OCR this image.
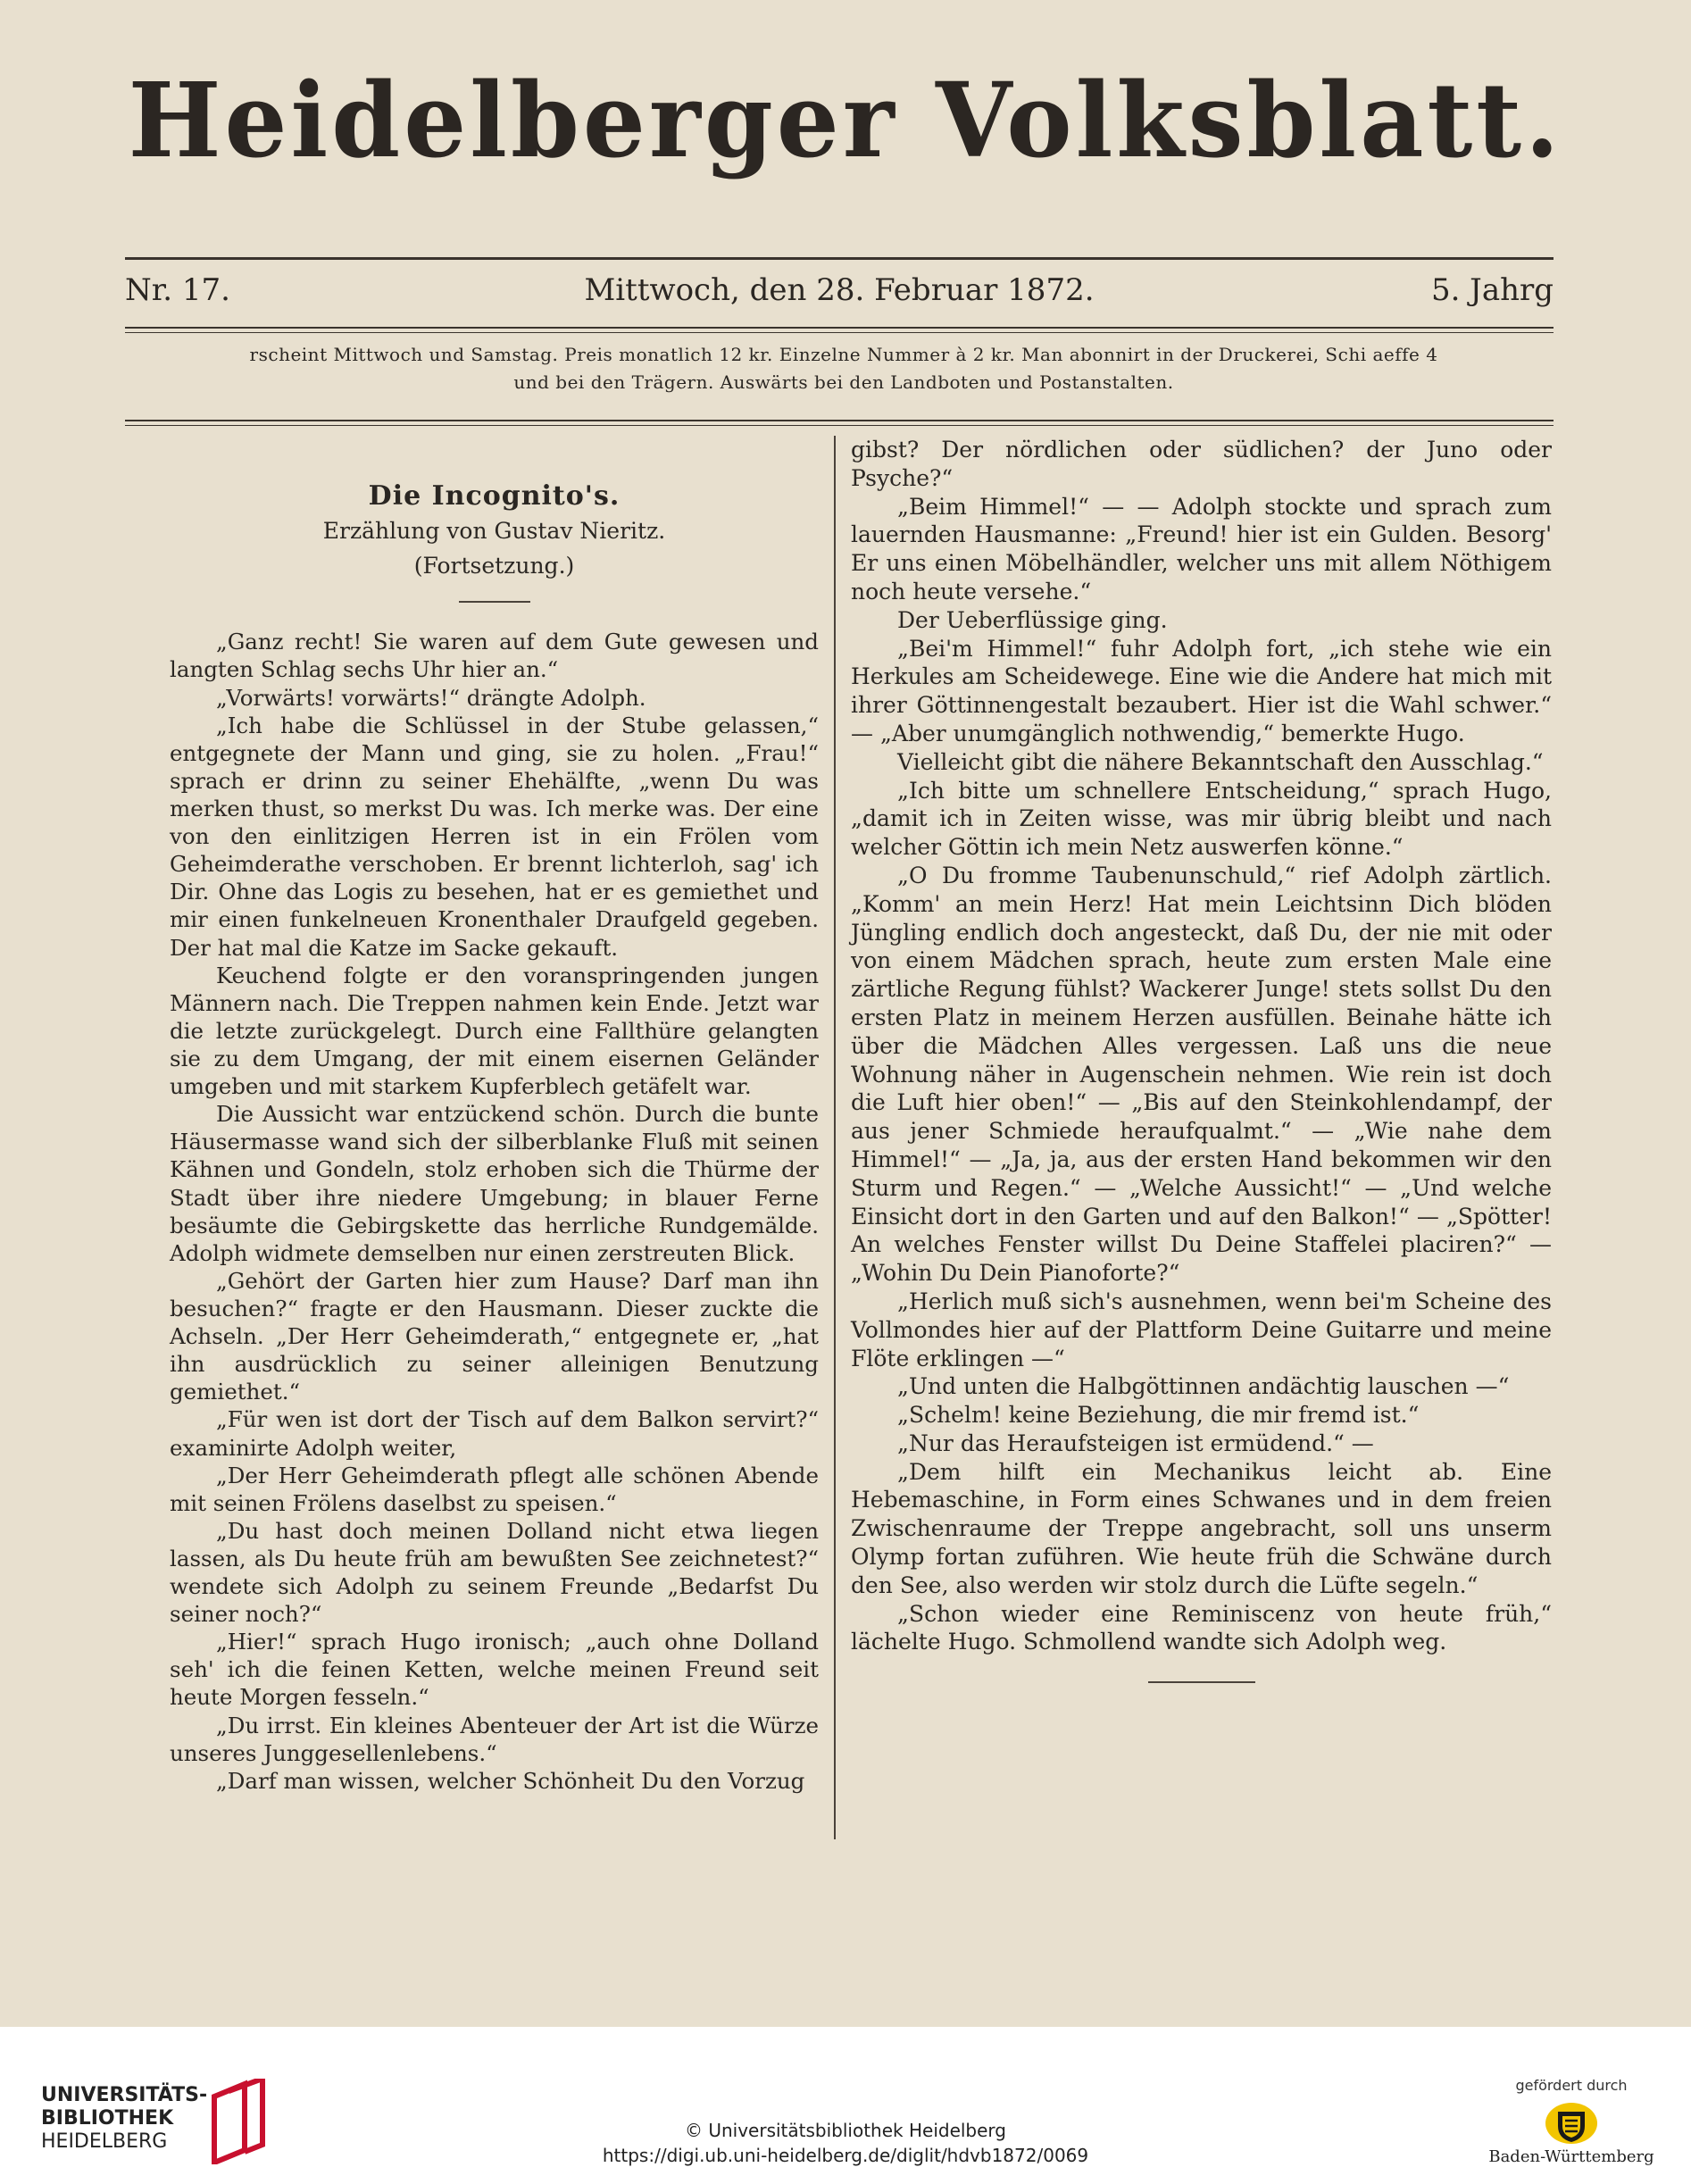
Heidelberger Volksblatt.
Nr. 17.	Mittwoch, den 28. Februar 1872.	5. Jahrg
rscheint Mittwoch und Samstag. Preis monatlich 12 kr. Einzelne Nummer à 2 kr. Man abonnirt in der Druckerei, Schi aeffe 4
und bei den Trägern. Auswärts bei den Landboten und Postanstalten.
Die Incognito's.
Erzählung von Gustav Nieritz.
(Fortsetzung.)

„Ganz recht! Sie waren auf dem Gute gewesen und langten Schlag sechs Uhr hier an.“

„Vorwärts! vorwärts!“ drängte Adolph.

„Ich habe die Schlüssel in der Stube gelassen,“ entgegnete der Mann und ging, sie zu holen. „Frau!“ sprach er drinn zu seiner Ehehälfte, „wenn Du was merken thust, so merkst Du was. Ich merke was. Der eine von den einlitzigen Herren ist in ein Frölen vom Geheimderathe verschoben. Er brennt lichterloh, sag' ich Dir. Ohne das Logis zu besehen, hat er es gemiethet und mir einen funkelneuen Kronenthaler Draufgeld gegeben. Der hat mal die Katze im Sacke gekauft.

Keuchend folgte er den voranspringenden jungen Männern nach. Die Treppen nahmen kein Ende. Jetzt war die letzte zurückgelegt. Durch eine Fallthüre gelangten sie zu dem Umgang, der mit einem eisernen Geländer umgeben und mit starkem Kupferblech getäfelt war.

Die Aussicht war entzückend schön. Durch die bunte Häusermasse wand sich der silberblanke Fluß mit seinen Kähnen und Gondeln, stolz erhoben sich die Thürme der Stadt über ihre niedere Umgebung; in blauer Ferne besäumte die Gebirgskette das herrliche Rundgemälde. Adolph widmete demselben nur einen zerstreuten Blick.

„Gehört der Garten hier zum Hause? Darf man ihn besuchen?“ fragte er den Hausmann. Dieser zuckte die Achseln. „Der Herr Geheimderath,“ entgegnete er, „hat ihn ausdrücklich zu seiner alleinigen Benutzung gemiethet.“

„Für wen ist dort der Tisch auf dem Balkon servirt?“ examinirte Adolph weiter,

„Der Herr Geheimderath pflegt alle schönen Abende mit seinen Frölens daselbst zu speisen.“

„Du hast doch meinen Dolland nicht etwa liegen lassen, als Du heute früh am bewußten See zeichnetest?“ wendete sich Adolph zu seinem Freunde „Bedarfst Du seiner noch?“

„Hier!“ sprach Hugo ironisch; „auch ohne Dolland seh' ich die feinen Ketten, welche meinen Freund seit heute Morgen fesseln.“

„Du irrst. Ein kleines Abenteuer der Art ist die Würze unseres Junggesellenlebens.“

„Darf man wissen, welcher Schönheit Du den Vorzug

gibst? Der nördlichen oder südlichen? der Juno oder Psyche?“

„Beim Himmel!“ — — Adolph stockte und sprach zum lauernden Hausmanne: „Freund! hier ist ein Gulden. Besorg' Er uns einen Möbelhändler, welcher uns mit allem Nöthigem noch heute versehe.“

Der Ueberflüssige ging.

„Bei'm Himmel!“ fuhr Adolph fort, „ich stehe wie ein Herkules am Scheidewege. Eine wie die Andere hat mich mit ihrer Göttinnengestalt bezaubert. Hier ist die Wahl schwer.“ — „Aber unumgänglich nothwendig,“ bemerkte Hugo.

Vielleicht gibt die nähere Bekanntschaft den Ausschlag.“

„Ich bitte um schnellere Entscheidung,“ sprach Hugo, „damit ich in Zeiten wisse, was mir übrig bleibt und nach welcher Göttin ich mein Netz auswerfen könne.“

„O Du fromme Taubenunschuld,“ rief Adolph zärtlich. „Komm' an mein Herz! Hat mein Leichtsinn Dich blöden Jüngling endlich doch angesteckt, daß Du, der nie mit oder von einem Mädchen sprach, heute zum ersten Male eine zärtliche Regung fühlst? Wackerer Junge! stets sollst Du den ersten Platz in meinem Herzen ausfüllen. Beinahe hätte ich über die Mädchen Alles vergessen. Laß uns die neue Wohnung näher in Augenschein nehmen. Wie rein ist doch die Luft hier oben!“ — „Bis auf den Steinkohlendampf, der aus jener Schmiede heraufqualmt.“ — „Wie nahe dem Himmel!“ — „Ja, ja, aus der ersten Hand bekommen wir den Sturm und Regen.“ — „Welche Aussicht!“ — „Und welche Einsicht dort in den Garten und auf den Balkon!“ — „Spötter! An welches Fenster willst Du Deine Staffelei placiren?“ — „Wohin Du Dein Pianoforte?“

„Herlich muß sich's ausnehmen, wenn bei'm Scheine des Vollmondes hier auf der Plattform Deine Guitarre und meine Flöte erklingen —“

„Und unten die Halbgöttinnen andächtig lauschen —“

„Schelm! keine Beziehung, die mir fremd ist.“

„Nur das Heraufsteigen ist ermüdend.“ —

„Dem hilft ein Mechanikus leicht ab. Eine Hebemaschine, in Form eines Schwanes und in dem freien Zwischenraume der Treppe angebracht, soll uns unserm Olymp fortan zuführen. Wie heute früh die Schwäne durch den See, also werden wir stolz durch die Lüfte segeln.“

„Schon wieder eine Reminiscenz von heute früh,“ lächelte Hugo. Schmollend wandte sich Adolph weg.

UNIVERSITÄTS-
BIBLIOTHEK
HEIDELBERG	© Universitätsbibliothek Heidelberg
https://digi.ub.uni-heidelberg.de/diglit/hdvb1872/0069
gefördert durch
Baden-Württemberg
